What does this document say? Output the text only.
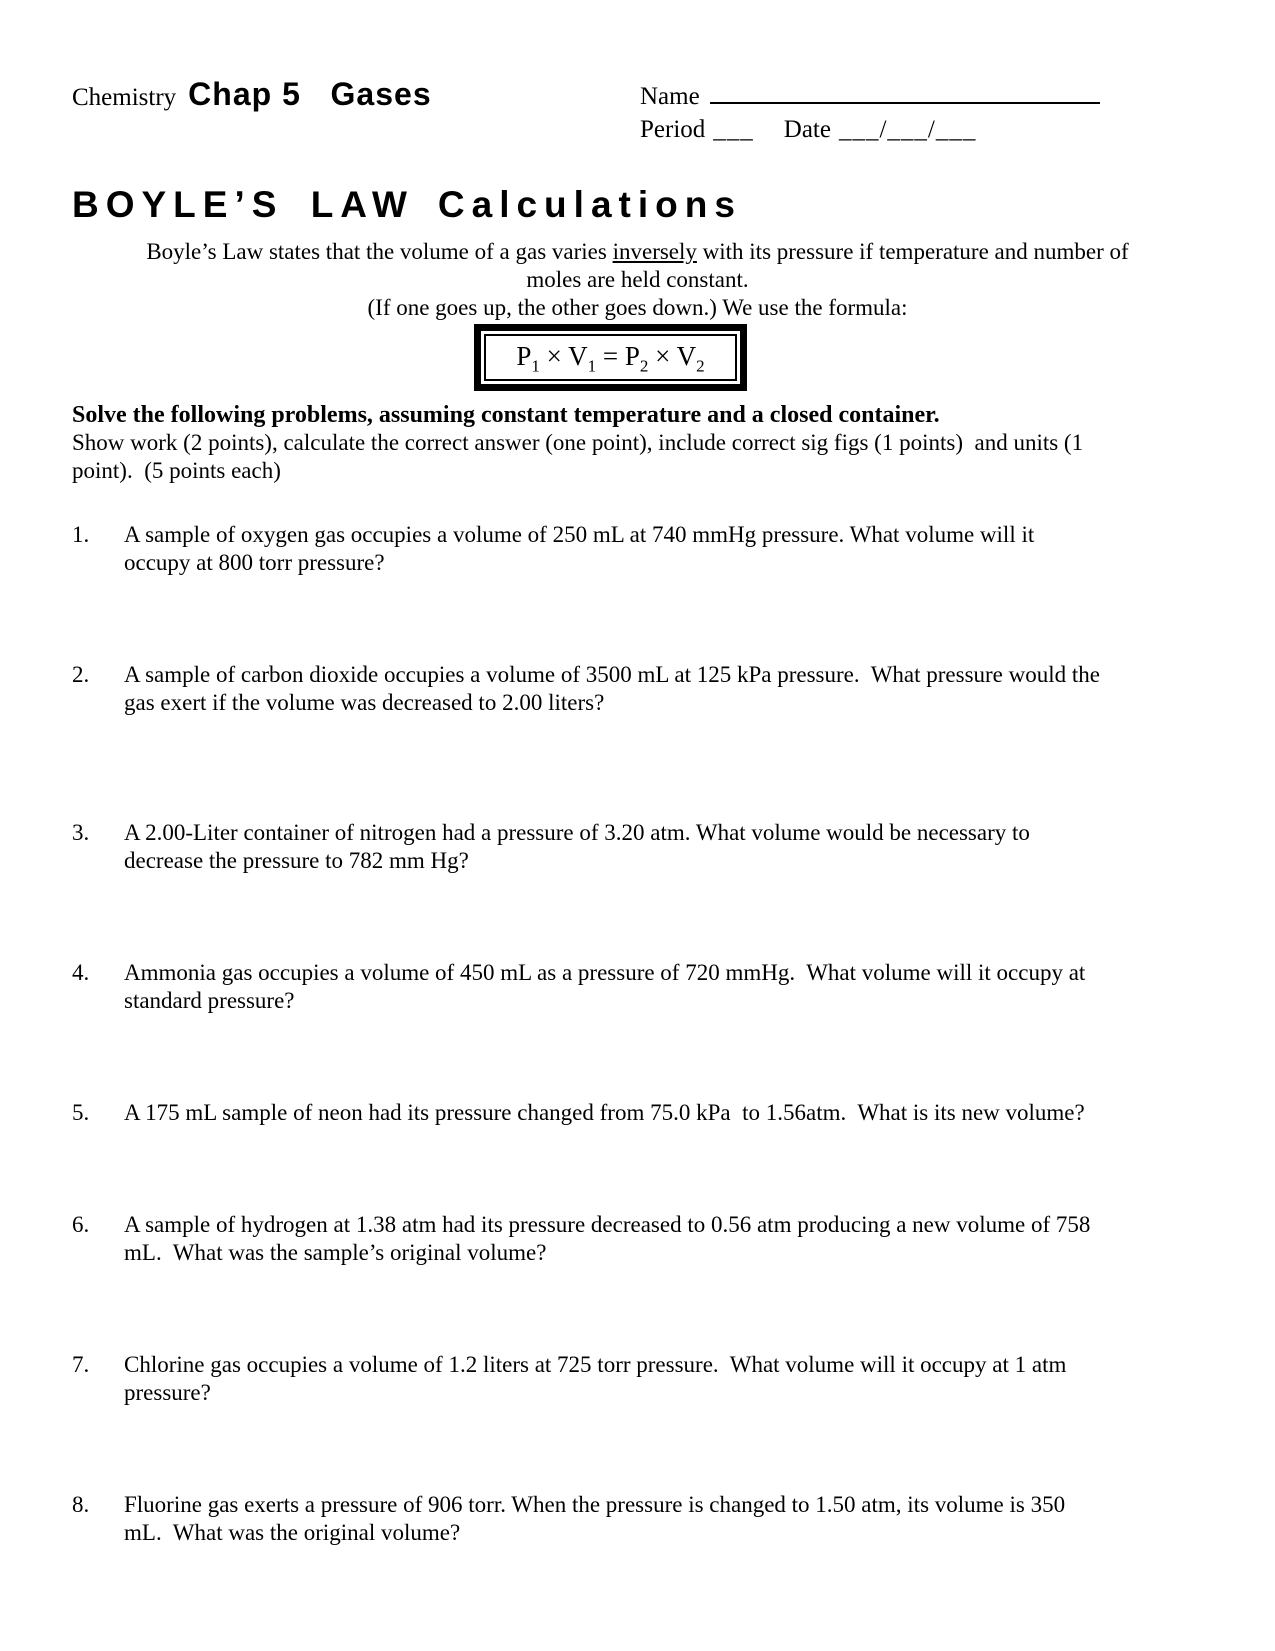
Chemistry Chap 5   Gases	Name
Period ___ Date ___/___/___
BOYLE’S LAW Calculations
Boyle’s Law states that the volume of a gas varies inversely with its pressure if temperature and number of
moles are held constant.
(If one goes up, the other goes down.) We use the formula:
$P_1 \times V_1 = P_2 \times V_2$
Solve the following problems, assuming constant temperature and a closed container.
Show work (2 points), calculate the correct answer (one point), include correct sig figs (1 points)  and units (1
point).  (5 points each)
1.	A sample of oxygen gas occupies a volume of 250 mL at 740 mmHg pressure. What volume will it
occupy at 800 torr pressure?
2.	A sample of carbon dioxide occupies a volume of 3500 mL at 125 kPa pressure.  What pressure would the
gas exert if the volume was decreased to 2.00 liters?
3.	A 2.00-Liter container of nitrogen had a pressure of 3.20 atm. What volume would be necessary to
decrease the pressure to 782 mm Hg?
4.	Ammonia gas occupies a volume of 450 mL as a pressure of 720 mmHg.  What volume will it occupy at
standard pressure?
5.	A 175 mL sample of neon had its pressure changed from 75.0 kPa  to 1.56atm.  What is its new volume?
6.	A sample of hydrogen at 1.38 atm had its pressure decreased to 0.56 atm producing a new volume of 758
mL.  What was the sample’s original volume?
7.	Chlorine gas occupies a volume of 1.2 liters at 725 torr pressure.  What volume will it occupy at 1 atm
pressure?
8.	Fluorine gas exerts a pressure of 906 torr. When the pressure is changed to 1.50 atm, its volume is 350
mL.  What was the original volume?
